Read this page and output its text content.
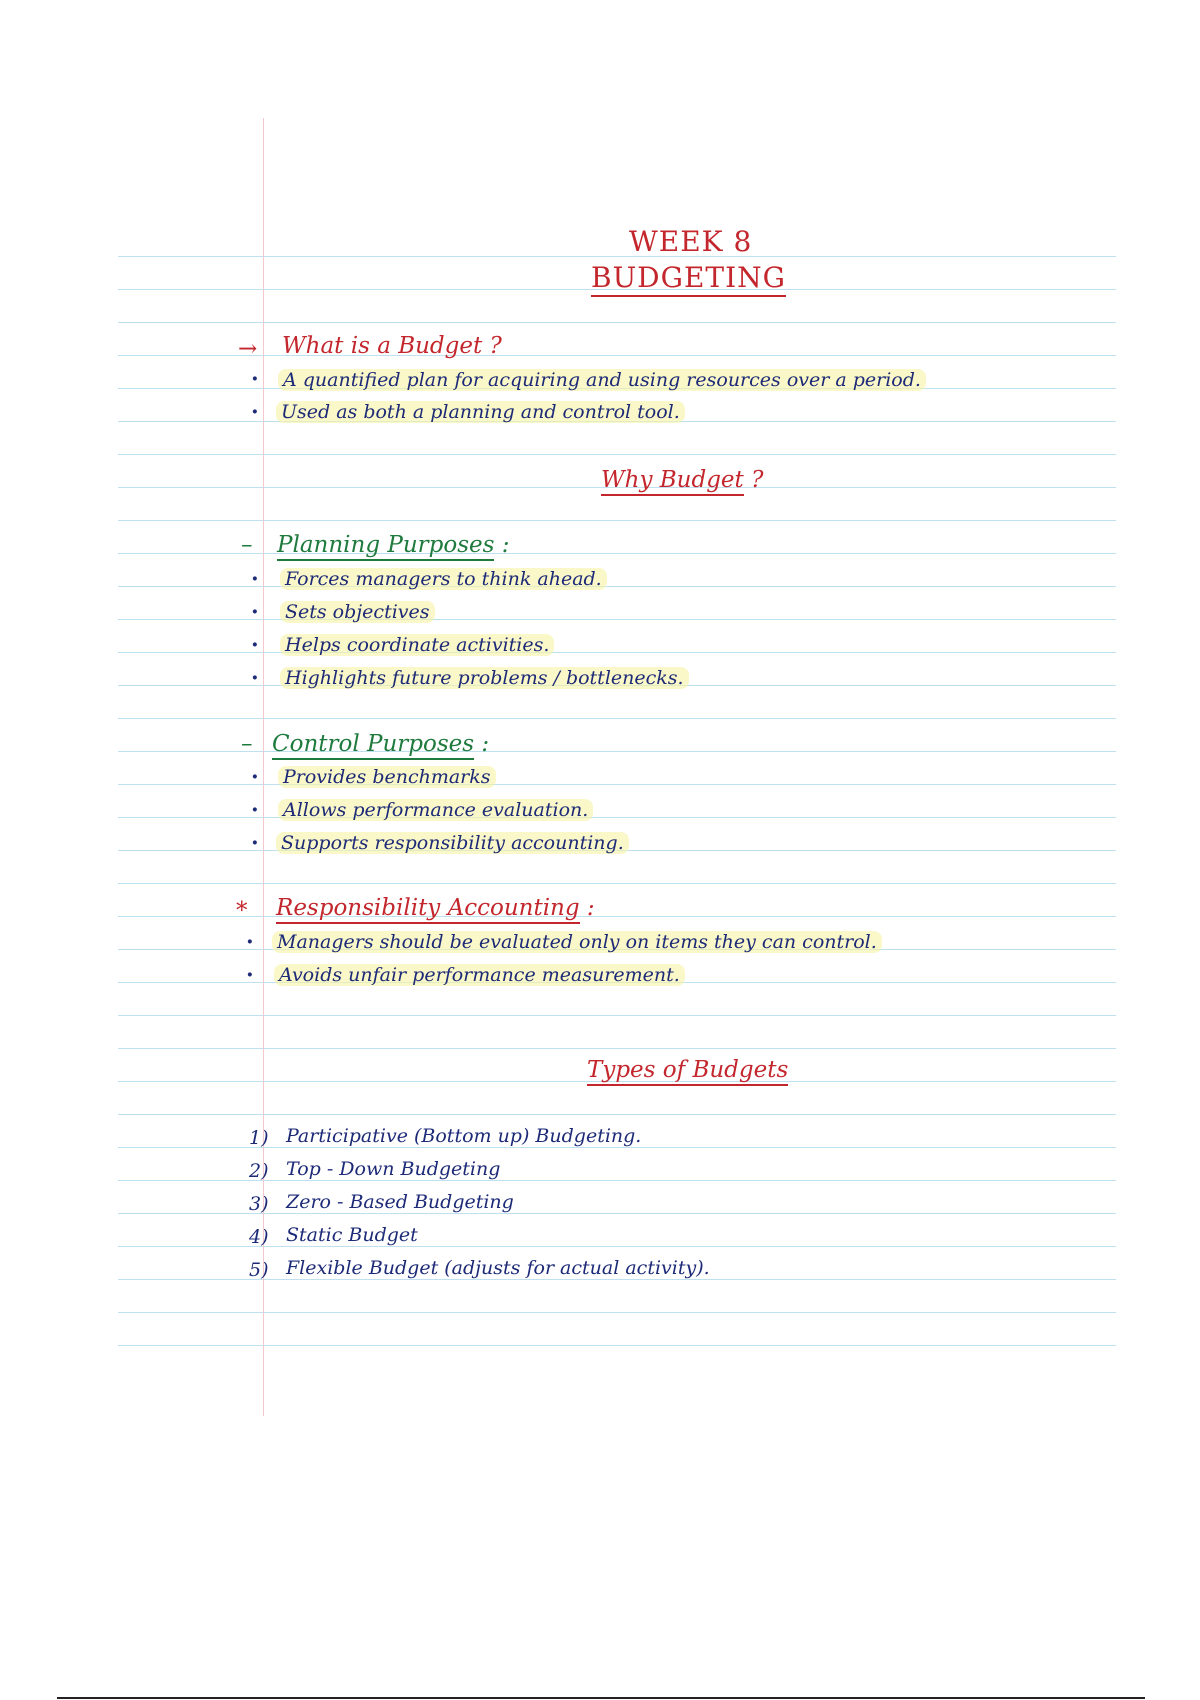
WEEK 8
BUDGETING
→ What is a Budget ?
· A quantified plan for acquiring and using resources over a period.
· Used as both a planning and control tool.
Why Budget ?
– Planning Purposes :
· Forces managers to think ahead.
· Sets objectives
· Helps coordinate activities.
· Highlights future problems / bottlenecks.
– Control Purposes :
· Provides benchmarks
· Allows performance evaluation.
· Supports responsibility accounting.
* Responsibility Accounting :
· Managers should be evaluated only on items they can control.
· Avoids unfair performance measurement.
Types of Budgets
1) Participative (Bottom up) Budgeting.
2) Top - Down Budgeting
3) Zero - Based Budgeting
4) Static Budget
5) Flexible Budget (adjusts for actual activity).
